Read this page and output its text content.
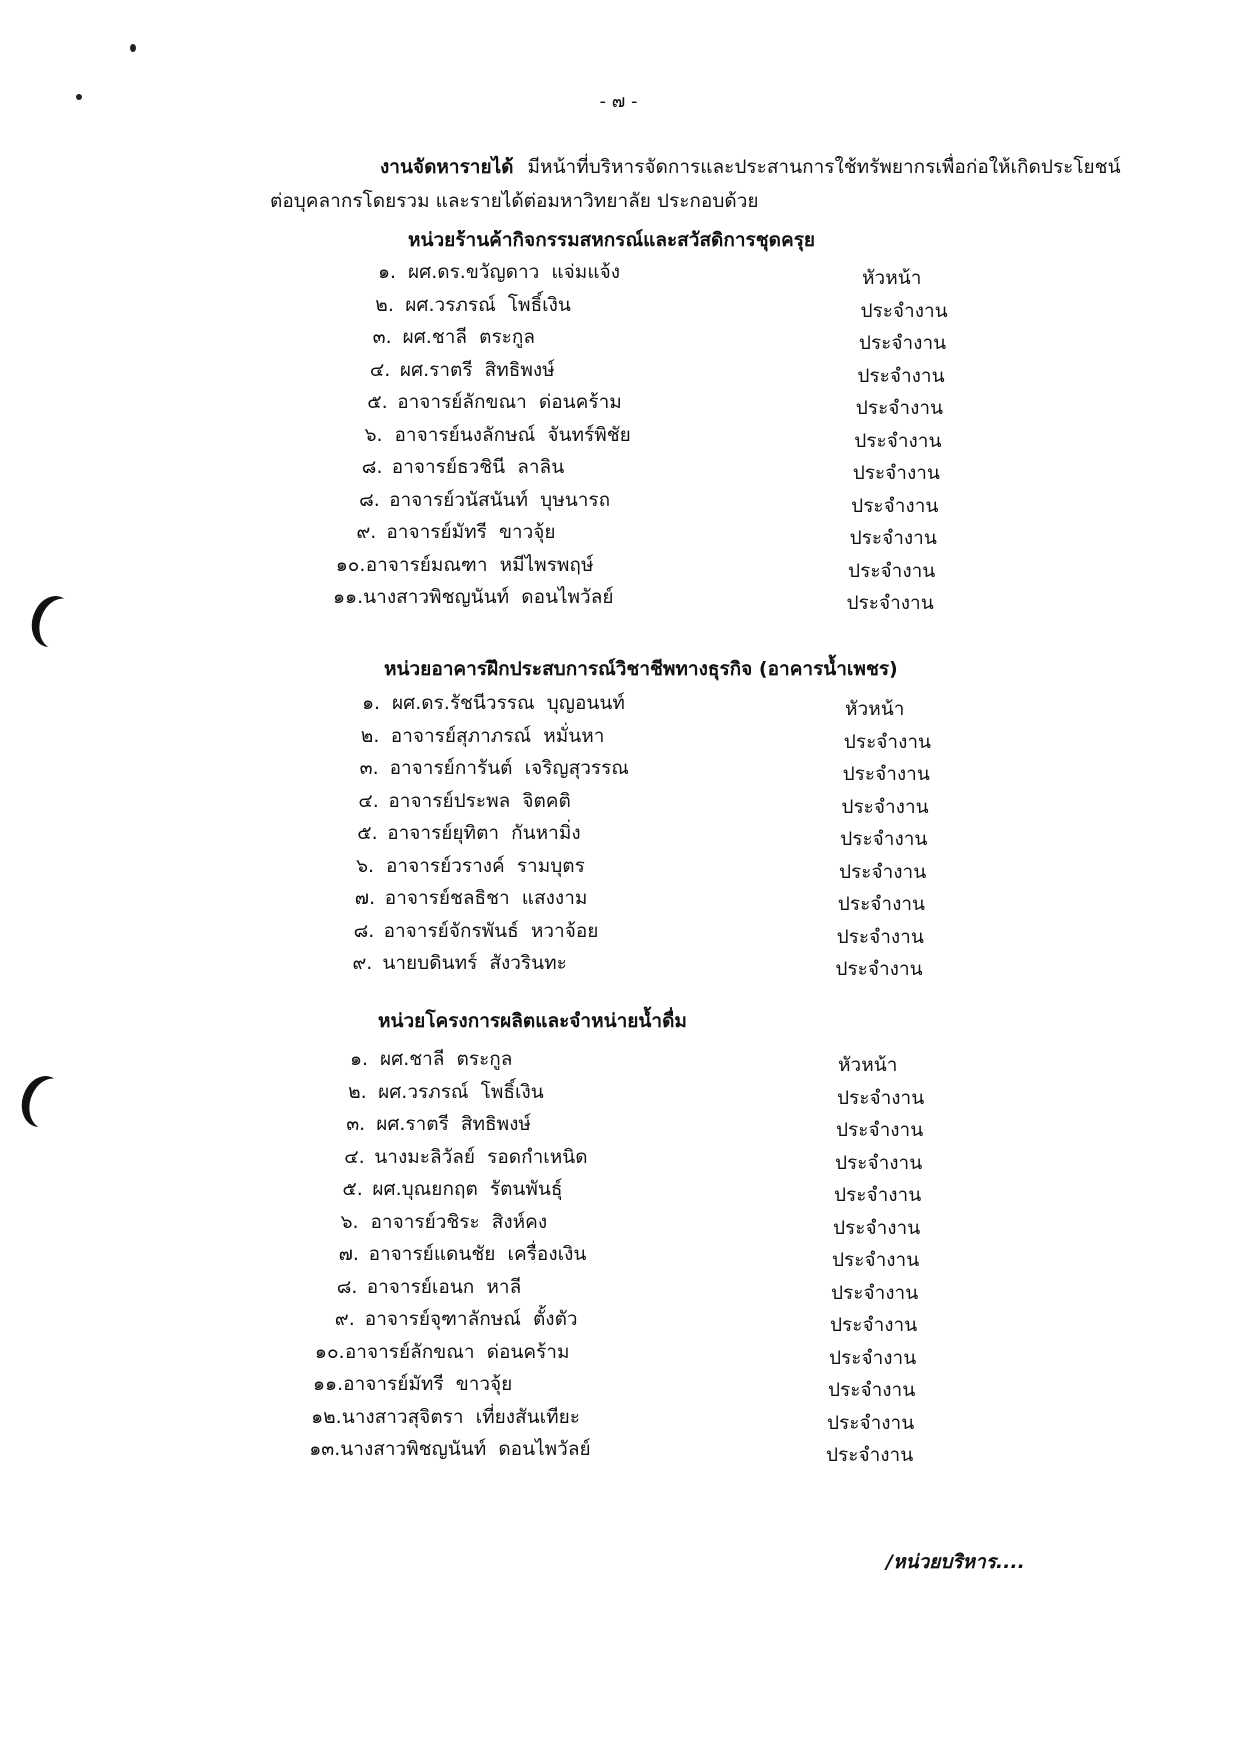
- ๗ -
งานจัดหารายได้ มีหน้าที่บริหารจัดการและประสานการใช้ทรัพยากรเพื่อก่อให้เกิดประโยชน์
ต่อบุคลากรโดยรวม และรายได้ต่อมหาวิทยาลัย ประกอบด้วย
หน่วยร้านค้ากิจกรรมสหกรณ์และสวัสดิการชุดครุย
๑. ผศ.ดร.ขวัญดาว  แจ่มแจ้ง	หัวหน้า
๒. ผศ.วรภรณ์  โพธิ์เงิน	ประจำงาน
๓. ผศ.ชาลี  ตระกูล	ประจำงาน
๔. ผศ.ราตรี  สิทธิพงษ์	ประจำงาน
๕. อาจารย์ลักขณา  ด่อนคร้าม	ประจำงาน
๖. อาจารย์นงลักษณ์  จันทร์พิชัย	ประจำงาน
๘. อาจารย์ธวชินี  ลาลิน	ประจำงาน
๘. อาจารย์วนัสนันท์  บุษนารถ	ประจำงาน
๙. อาจารย์มัทรี  ขาวจุ้ย	ประจำงาน
๑๐.อาจารย์มณฑา  หมีไพรพฤษ์	ประจำงาน
๑๑.นางสาวพิชญนันท์  ดอนไพวัลย์	ประจำงาน
หน่วยอาคารฝึกประสบการณ์วิชาชีพทางธุรกิจ (อาคารน้ำเพชร)
๑. ผศ.ดร.รัชนีวรรณ  บุญอนนท์	หัวหน้า
๒. อาจารย์สุภาภรณ์  หมั่นหา	ประจำงาน
๓. อาจารย์การันต์  เจริญสุวรรณ	ประจำงาน
๔. อาจารย์ประพล  จิตคติ	ประจำงาน
๕. อาจารย์ยุทิตา  กันหามิ่ง	ประจำงาน
๖. อาจารย์วรางค์  รามบุตร	ประจำงาน
๗. อาจารย์ชลธิชา  แสงงาม	ประจำงาน
๘. อาจารย์จักรพันธ์  หวาจ้อย	ประจำงาน
๙. นายบดินทร์  สังวรินทะ	ประจำงาน
หน่วยโครงการผลิตและจำหน่ายน้ำดื่ม
๑. ผศ.ชาลี  ตระกูล	หัวหน้า
๒. ผศ.วรภรณ์  โพธิ์เงิน	ประจำงาน
๓. ผศ.ราตรี  สิทธิพงษ์	ประจำงาน
๔. นางมะลิวัลย์  รอดกำเหนิด	ประจำงาน
๕. ผศ.บุณยกฤต  รัตนพันธุ์	ประจำงาน
๖. อาจารย์วชิระ  สิงห์คง	ประจำงาน
๗. อาจารย์แดนชัย  เครื่องเงิน	ประจำงาน
๘. อาจารย์เอนก  หาลี	ประจำงาน
๙. อาจารย์จุฑาลักษณ์  ตั้งตัว	ประจำงาน
๑๐.อาจารย์ลักขณา  ด่อนคร้าม	ประจำงาน
๑๑.อาจารย์มัทรี  ขาวจุ้ย	ประจำงาน
๑๒.นางสาวสุจิตรา  เที่ยงสันเทียะ	ประจำงาน
๑๓.นางสาวพิชญนันท์  ดอนไพวัลย์	ประจำงาน
/หน่วยบริหาร....
